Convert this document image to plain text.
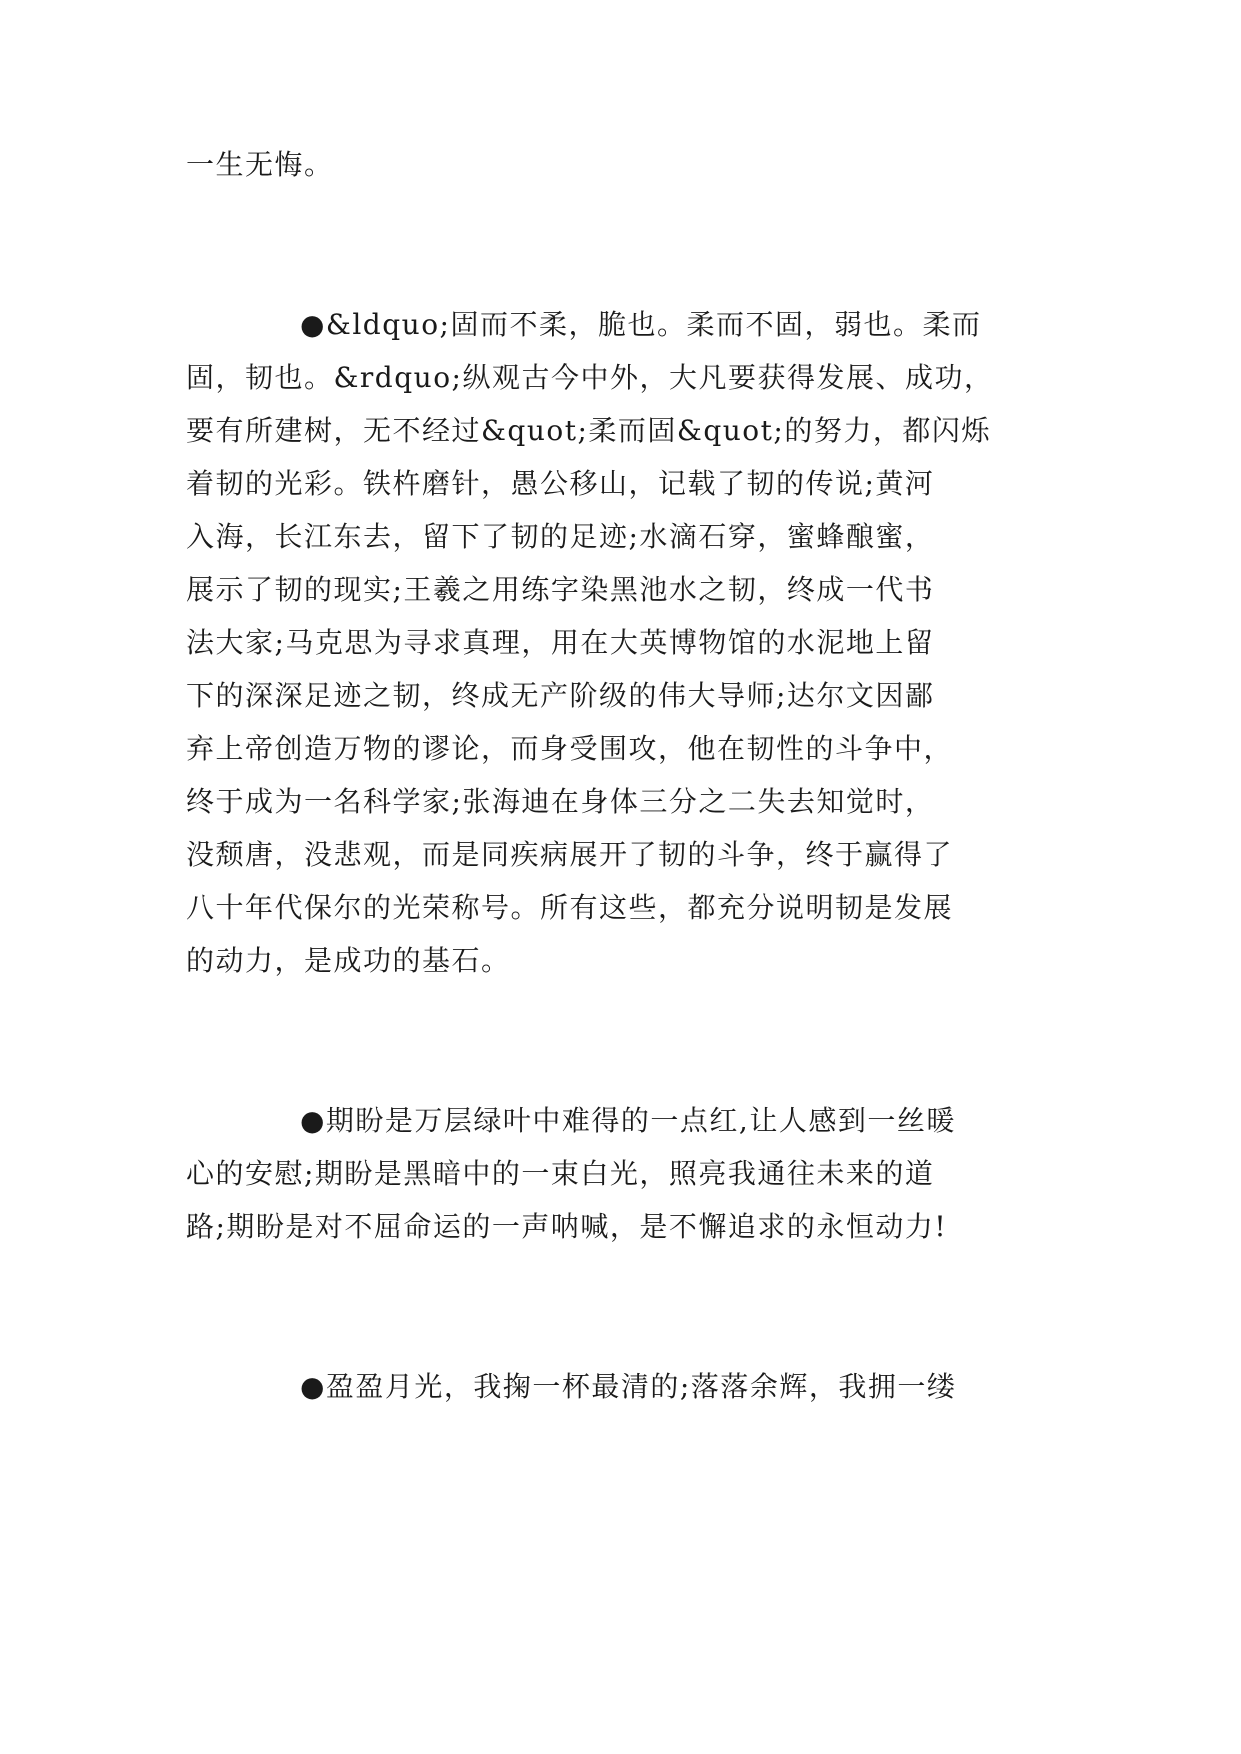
一生无悔。
●&ldquo;固而不柔，脆也。柔而不固，弱也。柔而
固，韧也。&rdquo;纵观古今中外，大凡要获得发展、成功，
要有所建树，无不经过&quot;柔而固&quot;的努力，都闪烁
着韧的光彩。铁杵磨针，愚公移山，记载了韧的传说;黄河
入海，长江东去，留下了韧的足迹;水滴石穿，蜜蜂酿蜜，
展示了韧的现实;王羲之用练字染黑池水之韧，终成一代书
法大家;马克思为寻求真理，用在大英博物馆的水泥地上留
下的深深足迹之韧，终成无产阶级的伟大导师;达尔文因鄙
弃上帝创造万物的谬论，而身受围攻，他在韧性的斗争中，
终于成为一名科学家;张海迪在身体三分之二失去知觉时，
没颓唐，没悲观，而是同疾病展开了韧的斗争，终于赢得了
八十年代保尔的光荣称号。所有这些，都充分说明韧是发展
的动力，是成功的基石。
●期盼是万层绿叶中难得的一点红,让人感到一丝暖
心的安慰;期盼是黑暗中的一束白光，照亮我通往未来的道
路;期盼是对不屈命运的一声呐喊，是不懈追求的永恒动力!
●盈盈月光，我掬一杯最清的;落落余辉，我拥一缕
